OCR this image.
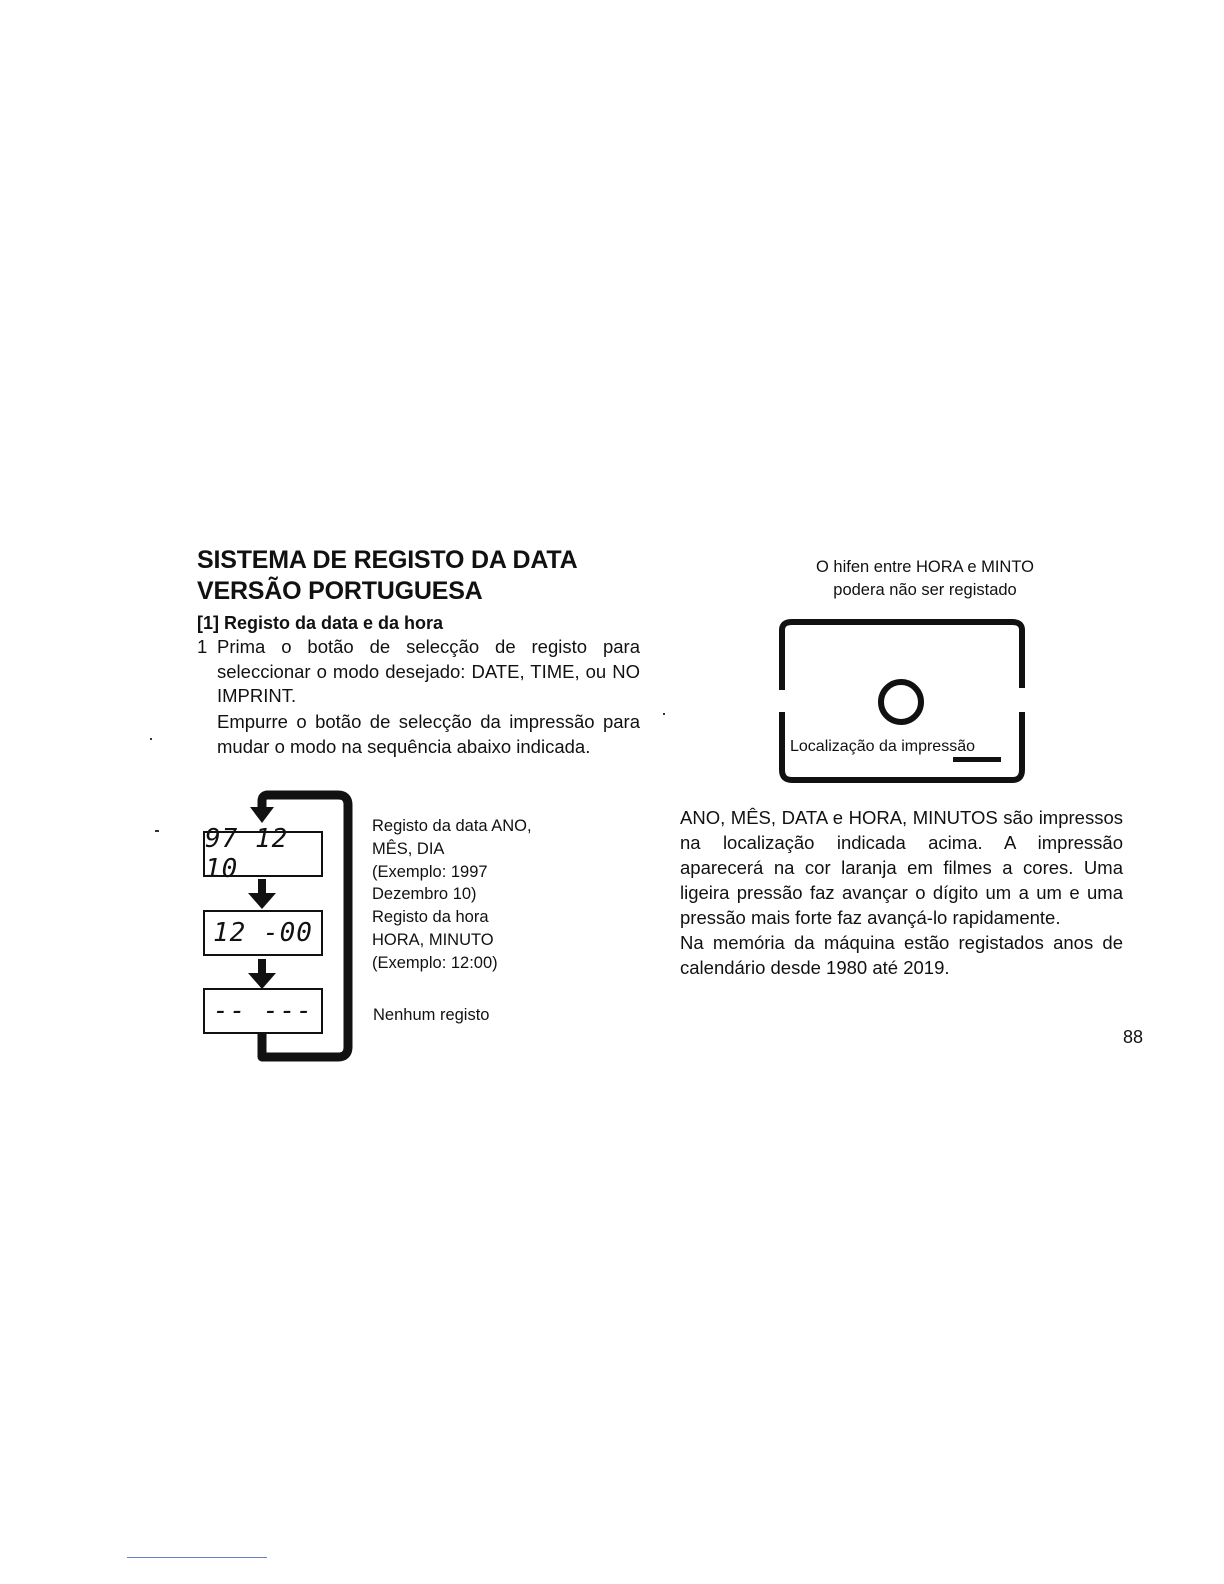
SISTEMA DE REGISTO DA DATA
VERSÃO PORTUGUESA
[1] Registo da data e da hora
1 Prima o botão de selecção de registo para seleccionar o modo desejado: DATE, TIME, ou NO IMPRINT.
Empurre o botão de selecção da impressão para mudar o modo na sequência abaixo indicada.
97 12 10
12 -00
-- ---
Registo da data ANO,
MÊS, DIA
(Exemplo: 1997
Dezembro 10)
Registo da hora
HORA, MINUTO
(Exemplo: 12:00)
Nenhum registo
O hifen entre HORA e MINTO
podera não ser registado
Localização da impressão
ANO, MÊS, DATA e HORA, MINUTOS são impressos na localização indicada acima. A impressão aparecerá na cor laranja em filmes a cores. Uma ligeira pressão faz avançar o dígito um a um e uma pressão mais forte faz avançá-lo rapidamente.
Na memória da máquina estão registados anos de calendário desde 1980 até 2019.
88
